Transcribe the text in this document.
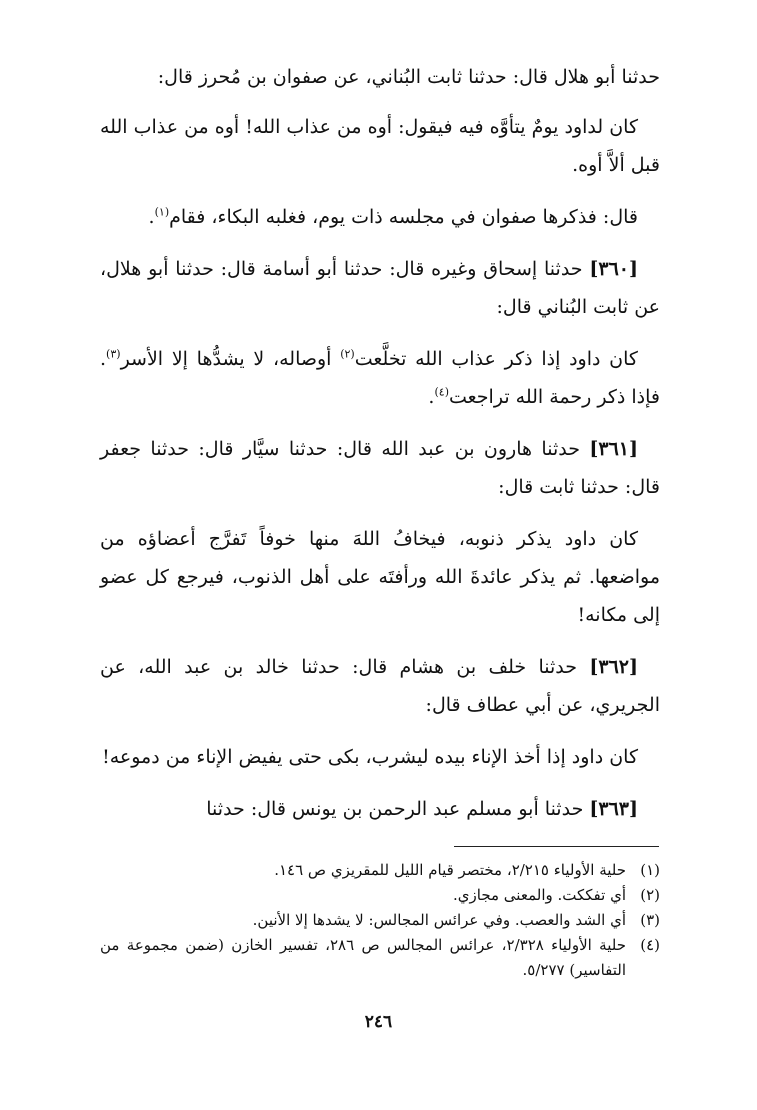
حدثنا أبو هلال قال: حدثنا ثابت البُناني، عن صفوان بن مُحرز قال:

كان لداود يومٌ يتأوَّه فيه فيقول: أوه من عذاب الله! أوه من عذاب الله قبل ألاَّ أوه.

قال: فذكرها صفوان في مجلسه ذات يوم، فغلبه البكاء، فقام$^{(١)}$.

[٣٦٠] حدثنا إسحاق وغيره قال: حدثنا أبو أسامة قال: حدثنا أبو هلال، عن ثابت البُناني قال:

كان داود إذا ذكر عذاب الله تخلَّعت$^{(٢)}$ أوصاله، لا يشدُّها إلا الأسر$^{(٣)}$. فإذا ذكر رحمة الله تراجعت$^{(٤)}$.

[٣٦١] حدثنا هارون بن عبد الله قال: حدثنا سيَّار قال: حدثنا جعفر قال: حدثنا ثابت قال:

كان داود يذكر ذنوبه، فيخافُ اللهَ منها خوفاً تَفرَّج أعضاؤه من مواضعها. ثم يذكر عائدةَ الله ورأفتَه على أهل الذنوب، فيرجع كل عضو إلى مكانه!

[٣٦٢] حدثنا خلف بن هشام قال: حدثنا خالد بن عبد الله، عن الجريري، عن أبي عطاف قال:

كان داود إذا أخذ الإناء بيده ليشرب، بكى حتى يفيض الإناء من دموعه!

[٣٦٣] حدثنا أبو مسلم عبد الرحمن بن يونس قال: حدثنا

(١)
حلية الأولياء ٢/٢١٥، مختصر قيام الليل للمقريزي ص ١٤٦.
(٢)
أي تفككت. والمعنى مجازي.
(٣)
أي الشد والعصب. وفي عرائس المجالس: لا يشدها إلا الأنين.
(٤)
حلية الأولياء ٢/٣٢٨، عرائس المجالس ص ٢٨٦، تفسير الخازن (ضمن مجموعة من التفاسير) ٥/٢٧٧.
٢٤٦
